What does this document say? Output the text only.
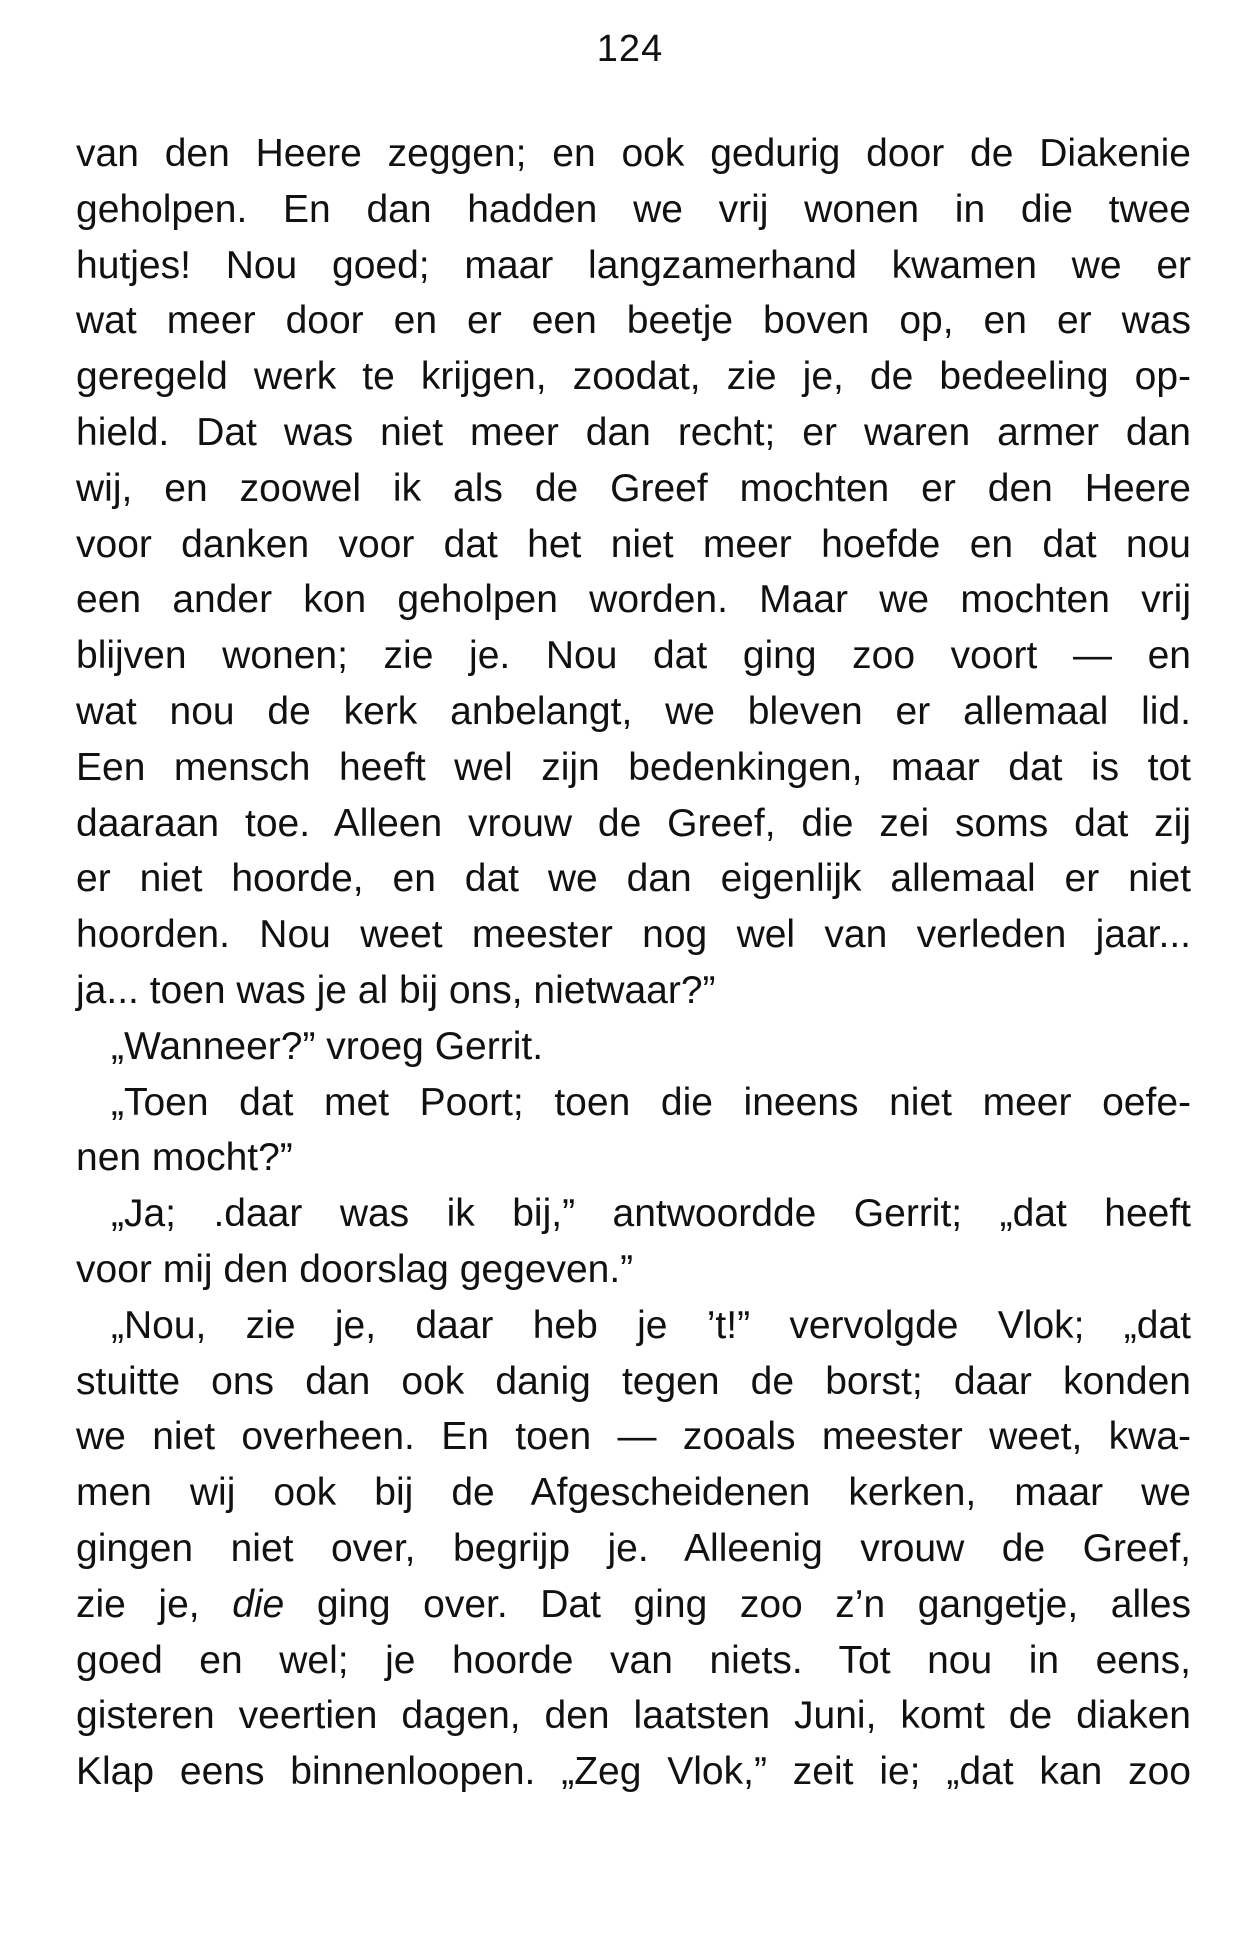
124
van den Heere zeggen; en ook gedurig door de Diakenie
geholpen. En dan hadden we vrij wonen in die twee
hutjes! Nou goed; maar langzamerhand kwamen we er
wat meer door en er een beetje boven op, en er was
geregeld werk te krijgen, zoodat, zie je, de bedeeling op-
hield. Dat was niet meer dan recht; er waren armer dan
wij, en zoowel ik als de Greef mochten er den Heere
voor danken voor dat het niet meer hoefde en dat nou
een ander kon geholpen worden. Maar we mochten vrij
blijven wonen; zie je. Nou dat ging zoo voort — en
wat nou de kerk anbelangt, we bleven er allemaal lid.
Een mensch heeft wel zijn bedenkingen, maar dat is tot
daaraan toe. Alleen vrouw de Greef, die zei soms dat zij
er niet hoorde, en dat we dan eigenlijk allemaal er niet
hoorden. Nou weet meester nog wel van verleden jaar...
ja... toen was je al bij ons, nietwaar?”
„Wanneer?” vroeg Gerrit.
„Toen dat met Poort; toen die ineens niet meer oefe-
nen mocht?”
„Ja; .daar was ik bij,” antwoordde Gerrit; „dat heeft
voor mij den doorslag gegeven.”
„Nou, zie je, daar heb je ’t!” vervolgde Vlok; „dat
stuitte ons dan ook danig tegen de borst; daar konden
we niet overheen. En toen — zooals meester weet, kwa-
men wij ook bij de Afgescheidenen kerken, maar we
gingen niet over, begrijp je. Alleenig vrouw de Greef,
zie je, die ging over. Dat ging zoo z’n gangetje, alles
goed en wel; je hoorde van niets. Tot nou in eens,
gisteren veertien dagen, den laatsten Juni, komt de diaken
Klap eens binnenloopen. „Zeg Vlok,” zeit ie; „dat kan zoo
